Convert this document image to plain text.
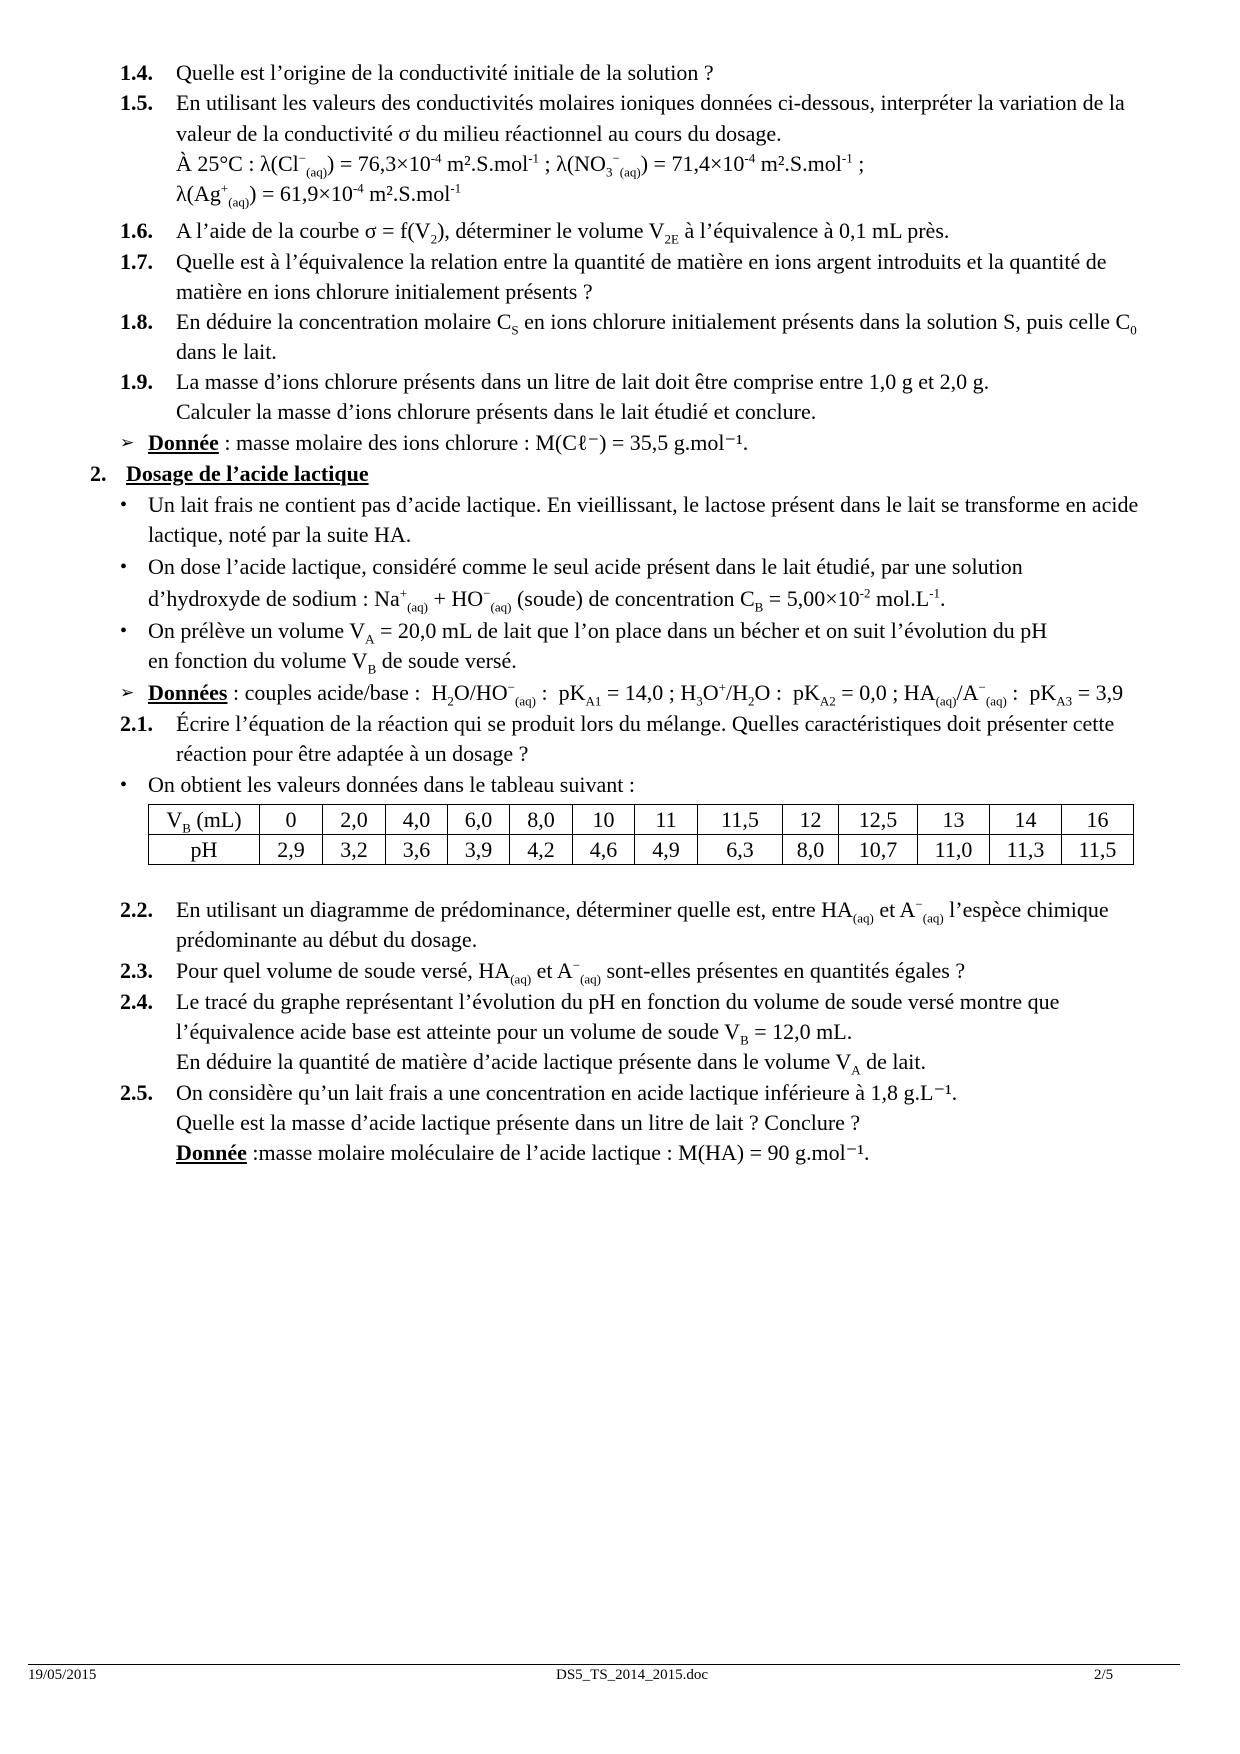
1.4. Quelle est l’origine de la conductivité initiale de la solution ?
1.5. En utilisant les valeurs des conductivités molaires ioniques données ci-dessous, interpréter la variation de la
valeur de la conductivité σ du milieu réactionnel au cours du dosage.
À 25°C : $\lambda(Cl^-_{(aq)}) = 76,3\times 10^{-4}$ m².S.mol$^{-1}$ ; $\lambda(NO_3^-_{(aq)}) = 71,4\times 10^{-4}$ m².S.mol$^{-1}$ ;
$\lambda(Ag^+_{(aq)}) = 61,9\times 10^{-4}$ m².S.mol$^{-1}$
1.6. A l’aide de la courbe $\sigma = f(V_2)$, déterminer le volume $V_{2E}$ à l’équivalence à 0,1 mL près.
1.7. Quelle est à l’équivalence la relation entre la quantité de matière en ions argent introduits et la quantité de
matière en ions chlorure initialement présents ?
1.8. En déduire la concentration molaire $C_S$ en ions chlorure initialement présents dans la solution S, puis celle $C_0$
dans le lait.
1.9. La masse d’ions chlorure présents dans un litre de lait doit être comprise entre 1,0 g et 2,0 g.
Calculer la masse d’ions chlorure présents dans le lait étudié et conclure.
➢ Donnée : masse molaire des ions chlorure : M(Cℓ⁻) = 35,5 g.mol⁻¹.
2. Dosage de l’acide lactique
• Un lait frais ne contient pas d’acide lactique. En vieillissant, le lactose présent dans le lait se transforme en acide
lactique, noté par la suite HA.
• On dose l’acide lactique, considéré comme le seul acide présent dans le lait étudié, par une solution
d’hydroxyde de sodium : $Na^+_{(aq)} + HO^-_{(aq)}$ (soude) de concentration $C_B = 5,00\times 10^{-2}$ $mol.L^{-1}$.
• On prélève un volume $V_A = 20,0$ mL de lait que l’on place dans un bécher et on suit l’évolution du pH
en fonction du volume $V_B$ de soude versé.
➢ Données : couples acide/base :  $H_2O/HO^-_{(aq)}$ :  $pK_{A1} = 14,0$ ; $H_3O^+/H_2O$ :  $pK_{A2} = 0,0$ ; $HA_{(aq)}/A^-_{(aq)}$ :  $pK_{A3} = 3,9$
2.1. Écrire l’équation de la réaction qui se produit lors du mélange. Quelles caractéristiques doit présenter cette
réaction pour être adaptée à un dosage ?
• On obtient les valeurs données dans le tableau suivant :
$V_B$ (mL)	0	2,0	4,0	6,0	8,0	10	11	11,5	12	12,5	13	14	16
pH	2,9	3,2	3,6	3,9	4,2	4,6	4,9	6,3	8,0	10,7	11,0	11,3	11,5
2.2. En utilisant un diagramme de prédominance, déterminer quelle est, entre $HA_{(aq)}$ et $A^-_{(aq)}$ l’espèce chimique
prédominante au début du dosage.
2.3. Pour quel volume de soude versé, $HA_{(aq)}$ et $A^-_{(aq)}$ sont-elles présentes en quantités égales ?
2.4. Le tracé du graphe représentant l’évolution du pH en fonction du volume de soude versé montre que
l’équivalence acide base est atteinte pour un volume de soude $V_B = 12,0$ mL.
En déduire la quantité de matière d’acide lactique présente dans le volume $V_A$ de lait.
2.5. On considère qu’un lait frais a une concentration en acide lactique inférieure à 1,8 g.L⁻¹.
Quelle est la masse d’acide lactique présente dans un litre de lait ? Conclure ?
Donnée :masse molaire moléculaire de l’acide lactique : M(HA) = 90 g.mol⁻¹.
19/05/2015	DS5_TS_2014_2015.doc	2/5
